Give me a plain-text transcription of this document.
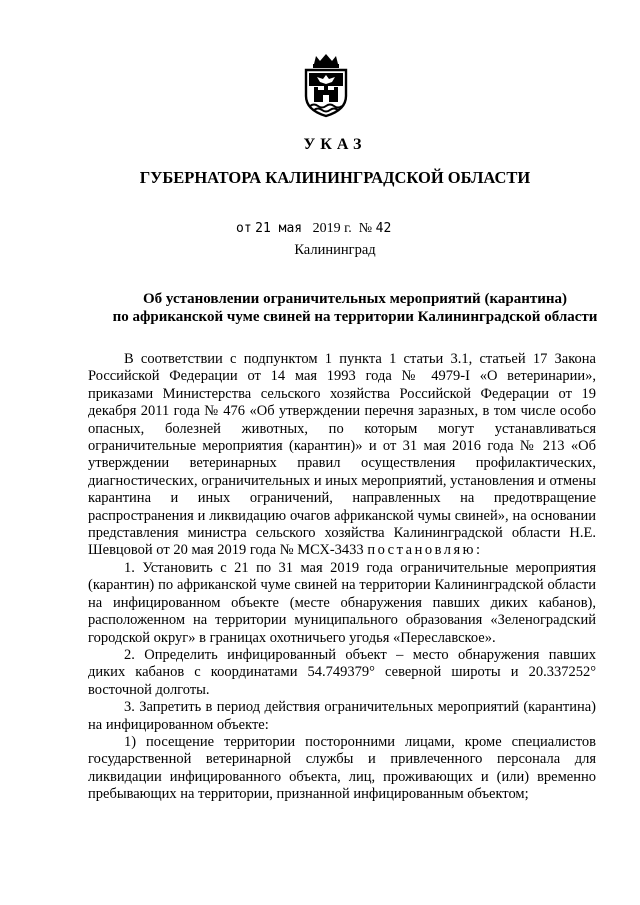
УКАЗ
ГУБЕРНАТОРА КАЛИНИНГРАДСКОЙ ОБЛАСТИ
от 21 мая 2019 г. № 42
Калининград
Об установлении ограничительных мероприятий (карантина)
по африканской чуме свиней на территории Калининградской области

В соответствии с подпунктом 1 пункта 1 статьи 3.1, статьей 17 Закона Российской Федерации от 14 мая 1993 года № 4979-I «О ветеринарии», приказами Министерства сельского хозяйства Российской Федерации от 19 декабря 2011 года № 476 «Об утверждении перечня заразных, в том числе особо опасных, болезней животных, по которым могут устанавливаться ограничительные мероприятия (карантин)» и от 31 мая 2016 года № 213 «Об утверждении ветеринарных правил осуществления профилактических, диагностических, ограничительных и иных мероприятий, установления и отмены карантина и иных ограничений, направленных на предотвращение распространения и ликвидацию очагов африканской чумы свиней», на основании представления министра сельского хозяйства Калининградской области Н.Е. Шевцовой от 20 мая 2019 года № МСХ-3433 постановляю:

1. Установить с 21 по 31 мая 2019 года ограничительные мероприятия (карантин) по африканской чуме свиней на территории Калининградской области на инфицированном объекте (месте обнаружения павших диких кабанов), расположенном на территории муниципального образования «Зеленоградский городской округ» в границах охотничьего угодья «Переславское».

2. Определить инфицированный объект – место обнаружения павших диких кабанов с координатами 54.749379° северной широты и 20.337252° восточной долготы.

3. Запретить в период действия ограничительных мероприятий (карантина) на инфицированном объекте:

1) посещение территории посторонними лицами, кроме специалистов государственной ветеринарной службы и привлеченного персонала для ликвидации инфицированного объекта, лиц, проживающих и (или) временно пребывающих на территории, признанной инфицированным объектом;
